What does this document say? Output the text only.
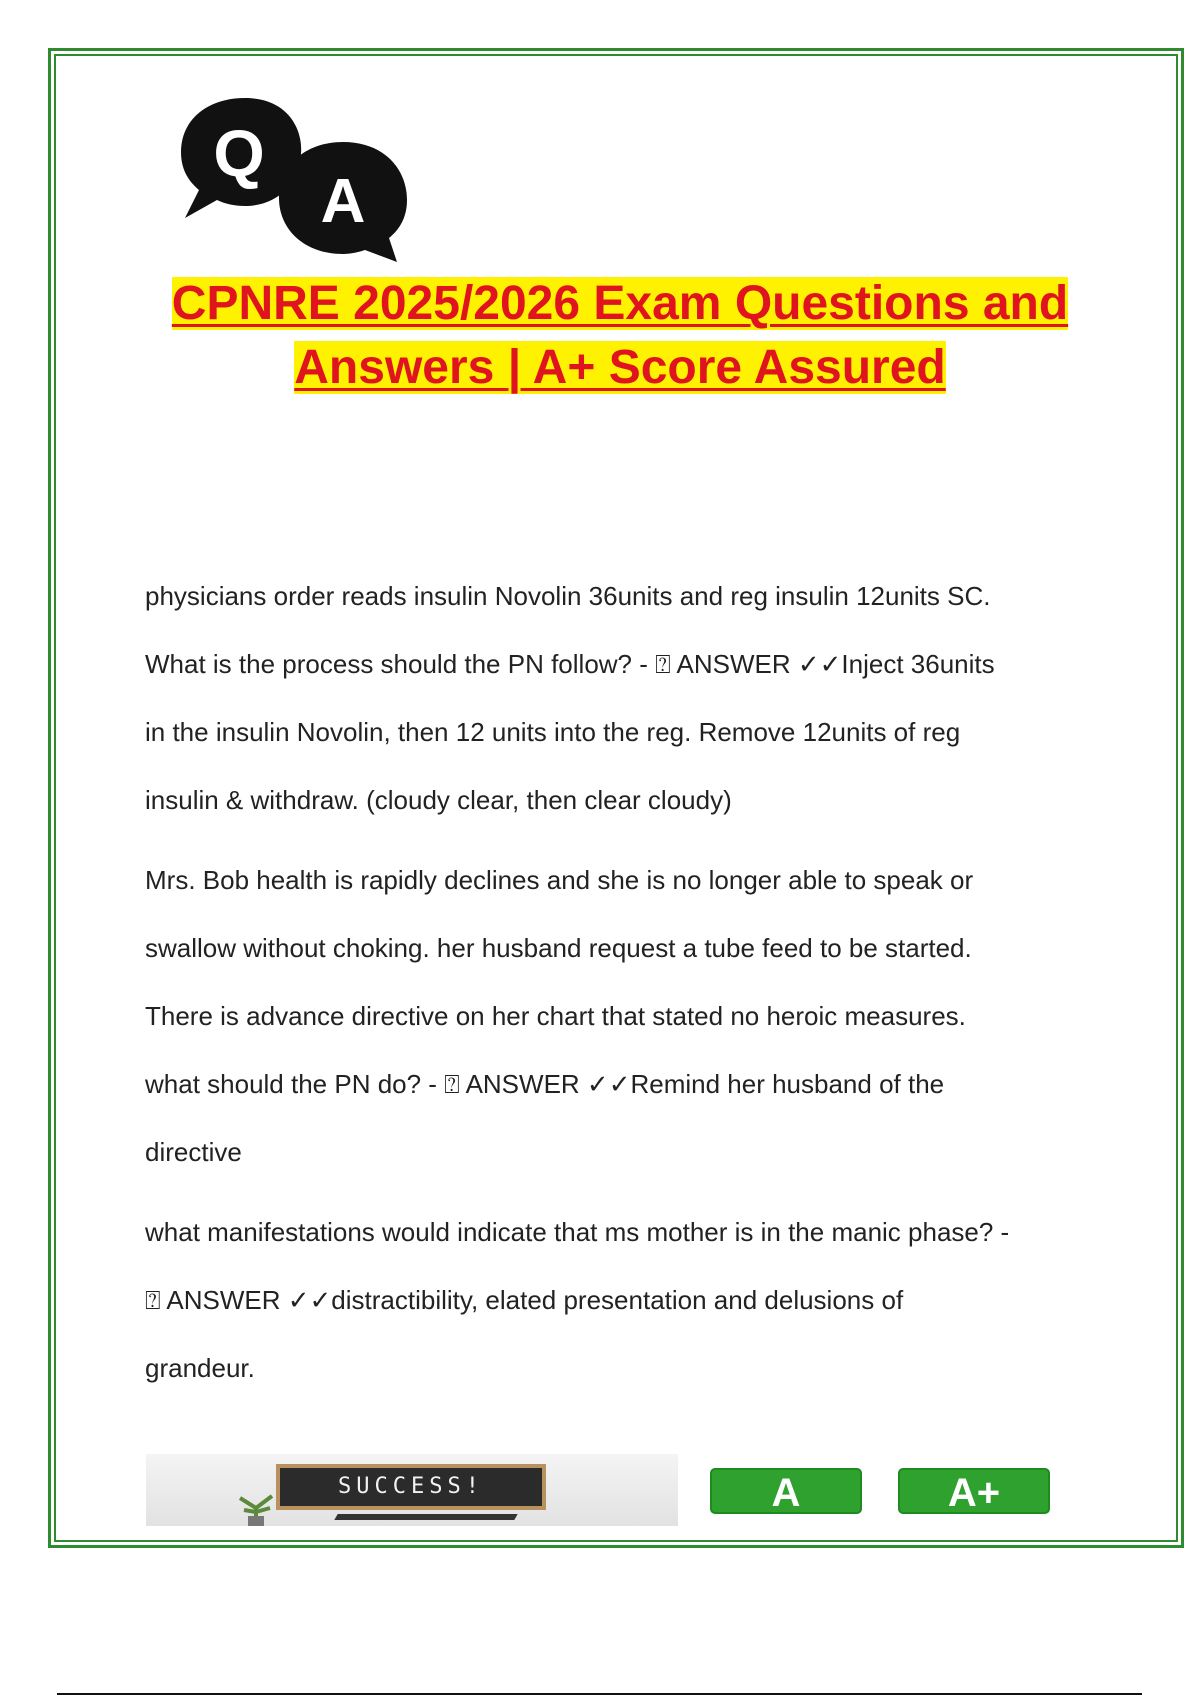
Q
A
CPNRE 2025/2026 Exam Questions and
Answers | A+ Score Assured
physicians order reads insulin Novolin 36units and reg insulin 12units SC.
What is the process should the PN follow? - ⍰ ANSWER ✓✓Inject 36units
in the insulin Novolin, then 12 units into the reg. Remove 12units of reg
insulin & withdraw. (cloudy clear, then clear cloudy)
Mrs. Bob health is rapidly declines and she is no longer able to speak or
swallow without choking. her husband request a tube feed to be started.
There is advance directive on her chart that stated no heroic measures.
what should the PN do? - ⍰ ANSWER ✓✓Remind her husband of the
directive
what manifestations would indicate that ms mother is in the manic phase? -
⍰ ANSWER ✓✓distractibility, elated presentation and delusions of
grandeur.
SUCCESS!	A	A+
